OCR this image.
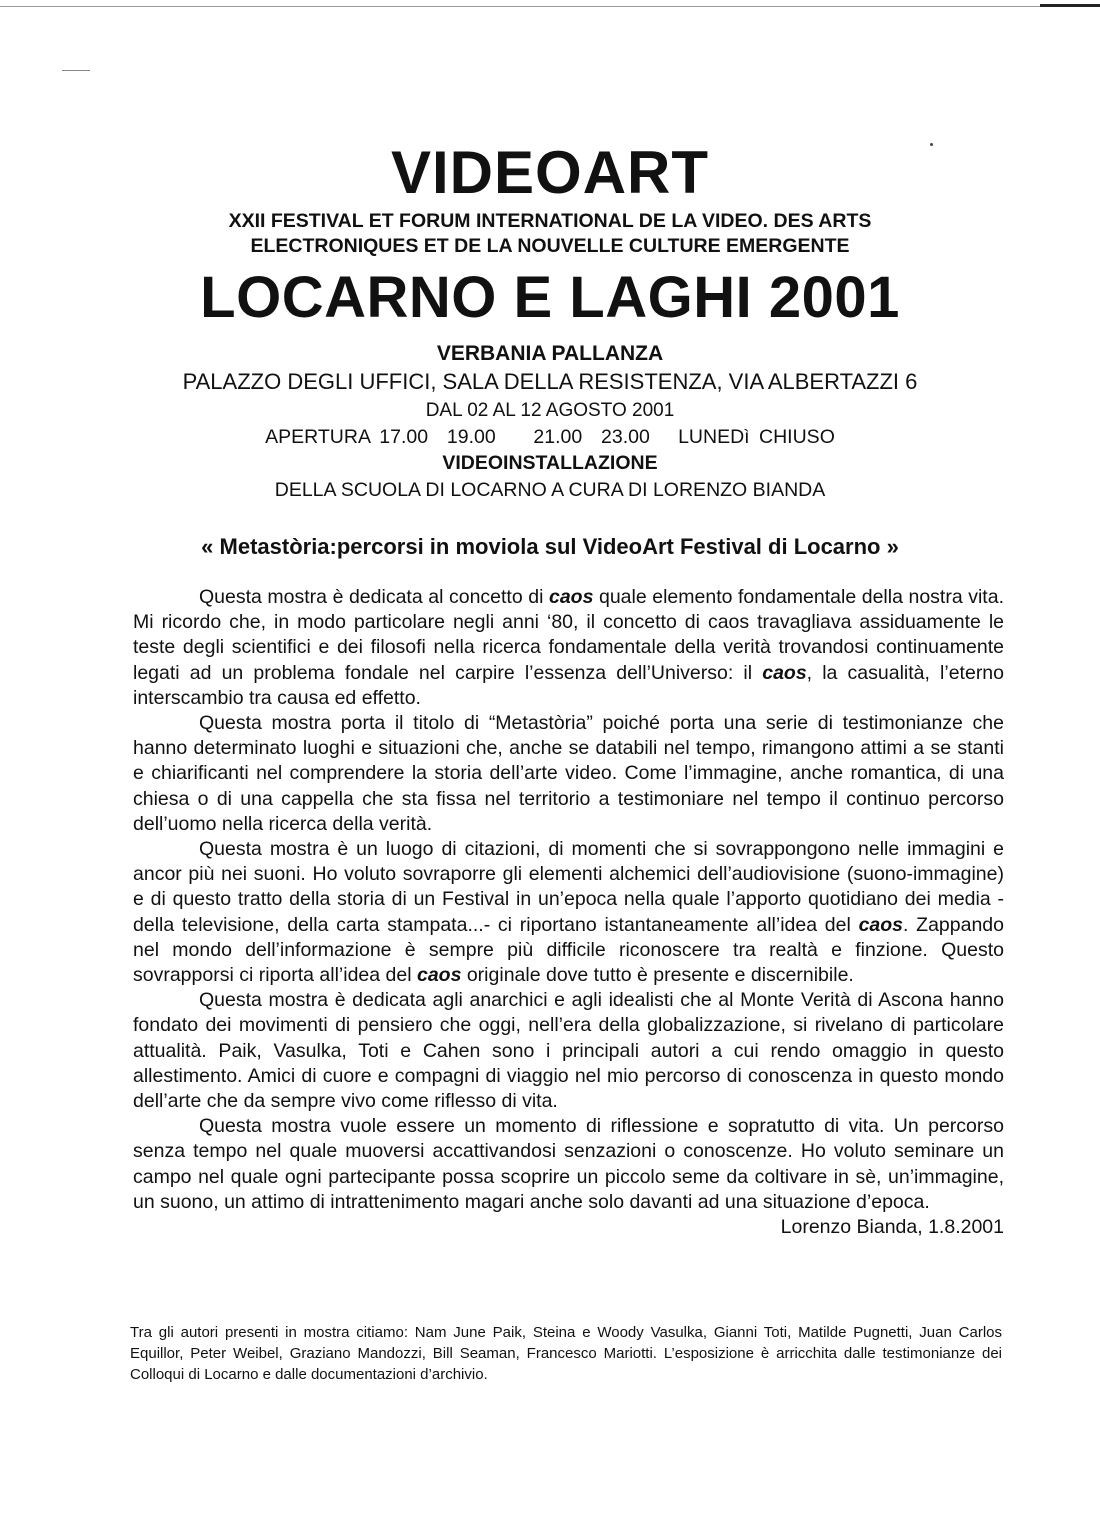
VIDEOART
XXII FESTIVAL ET FORUM INTERNATIONAL DE LA VIDEO. DES ARTS
ELECTRONIQUES ET DE LA NOUVELLE CULTURE EMERGENTE
LOCARNO E LAGHI 2001
VERBANIA PALLANZA
PALAZZO DEGLI UFFICI, SALA DELLA RESISTENZA, VIA ALBERTAZZI 6
DAL 02 AL 12 AGOSTO 2001
APERTURA 17.00  19.00    21.00  23.00   LUNEDì CHIUSO
VIDEOINSTALLAZIONE
DELLA SCUOLA DI LOCARNO A CURA DI LORENZO BIANDA
« Metastòria:percorsi in moviola sul VideoArt Festival di Locarno »

Questa mostra è dedicata al concetto di caos quale elemento fondamentale della nostra vita. Mi ricordo che, in modo particolare negli anni ‘80, il concetto di caos travagliava assiduamente le teste degli scientifici e dei filosofi nella ricerca fondamentale della verità trovandosi continuamente legati ad un problema fondale nel carpire l’essenza dell’Universo: il caos, la casualità, l’eterno interscambio tra causa ed effetto.

Questa mostra porta il titolo di “Metastòria” poiché porta una serie di testimonianze che hanno determinato luoghi e situazioni che, anche se databili nel tempo, rimangono attimi a se stanti e chiarificanti nel comprendere la storia dell’arte video. Come l’immagine, anche romantica, di una chiesa o di una cappella che sta fissa nel territorio a testimoniare nel tempo il continuo percorso dell’uomo nella ricerca della verità.

Questa mostra è un luogo di citazioni, di momenti che si sovrappongono nelle immagini e ancor più nei suoni. Ho voluto sovraporre gli elementi alchemici dell’audiovisione (suono-immagine) e di questo tratto della storia di un Festival in un’epoca nella quale l’apporto quotidiano dei media -della televisione, della carta stampata...- ci riportano istantaneamente all’idea del caos. Zappando nel mondo dell’informazione è sempre più difficile riconoscere tra realtà e finzione. Questo sovrapporsi ci riporta all’idea del caos originale dove tutto è presente e discernibile.

Questa mostra è dedicata agli anarchici e agli idealisti che al Monte Verità di Ascona hanno fondato dei movimenti di pensiero che oggi, nell’era della globalizzazione, si rivelano di particolare attualità. Paik, Vasulka, Toti e Cahen sono i principali autori a cui rendo omaggio in questo allestimento. Amici di cuore e compagni di viaggio nel mio percorso di conoscenza in questo mondo dell’arte che da sempre vivo come riflesso di vita.

Questa mostra vuole essere un momento di riflessione e sopratutto di vita. Un percorso senza tempo nel quale muoversi accattivandosi senzazioni o conoscenze. Ho voluto seminare un campo nel quale ogni partecipante possa scoprire un piccolo seme da coltivare in sè, un’immagine, un suono, un attimo di intrattenimento magari anche solo davanti ad una situazione d’epoca.
Lorenzo Bianda, 1.8.2001

Tra gli autori presenti in mostra citiamo: Nam June Paik, Steina e Woody Vasulka, Gianni Toti, Matilde Pugnetti, Juan Carlos Equillor, Peter Weibel, Graziano Mandozzi, Bill Seaman, Francesco Mariotti. L’esposizione è arricchita dalle testimonianze dei Colloqui di Locarno e dalle documentazioni d’archivio.
